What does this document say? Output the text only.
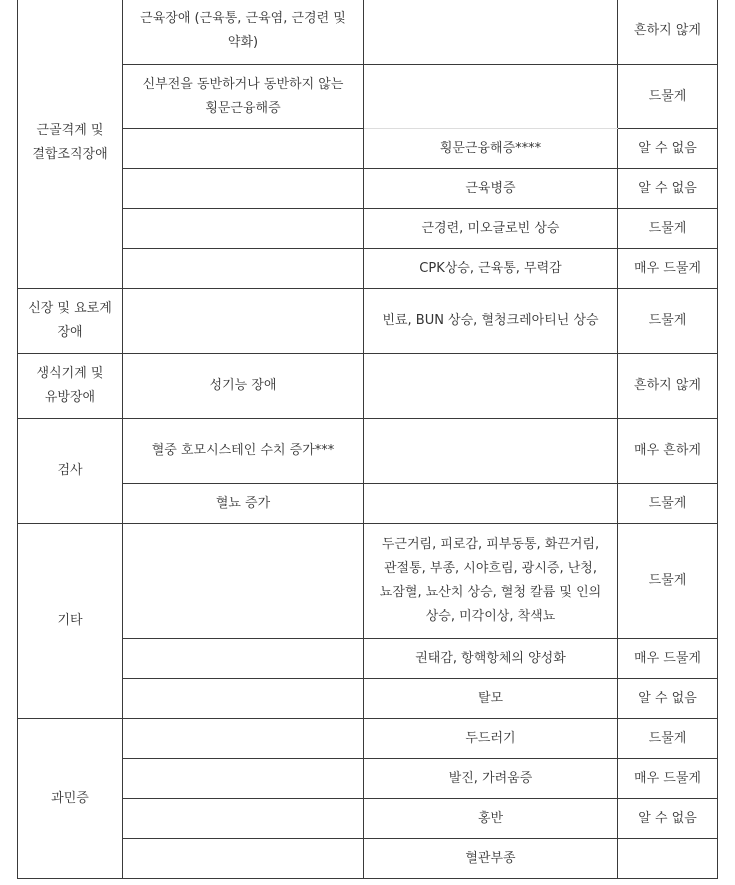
근골격계 및 결합조직장애	근육장애 (근육통, 근육염, 근경련 및 약화)		흔하지 않게
	신부전을 동반하거나 동반하지 않는 횡문근융해증		드물게
		횡문근융해증****	알 수 없음
		근육병증	알 수 없음
		근경련, 미오글로빈 상승	드물게
		CPK상승, 근육통, 무력감	매우 드물게
신장 및 요로계 장애		빈료, BUN 상승, 혈청크레아티닌 상승	드물게
생식기계 및 유방장애	성기능 장애		흔하지 않게
검사	혈중 호모시스테인 수치 증가***		매우 흔하게
	혈뇨 증가		드물게
기타		두근거림, 피로감, 피부동통, 화끈거림, 관절통, 부종, 시야흐림, 광시증, 난청, 뇨잠혈, 뇨산치 상승, 혈청 칼륨 및 인의 상승, 미각이상, 착색뇨	드물게
		권태감, 항핵항체의 양성화	매우 드물게
		탈모	알 수 없음
과민증		두드러기	드물게
		발진, 가려움증	매우 드물게
		홍반	알 수 없음
		혈관부종	
